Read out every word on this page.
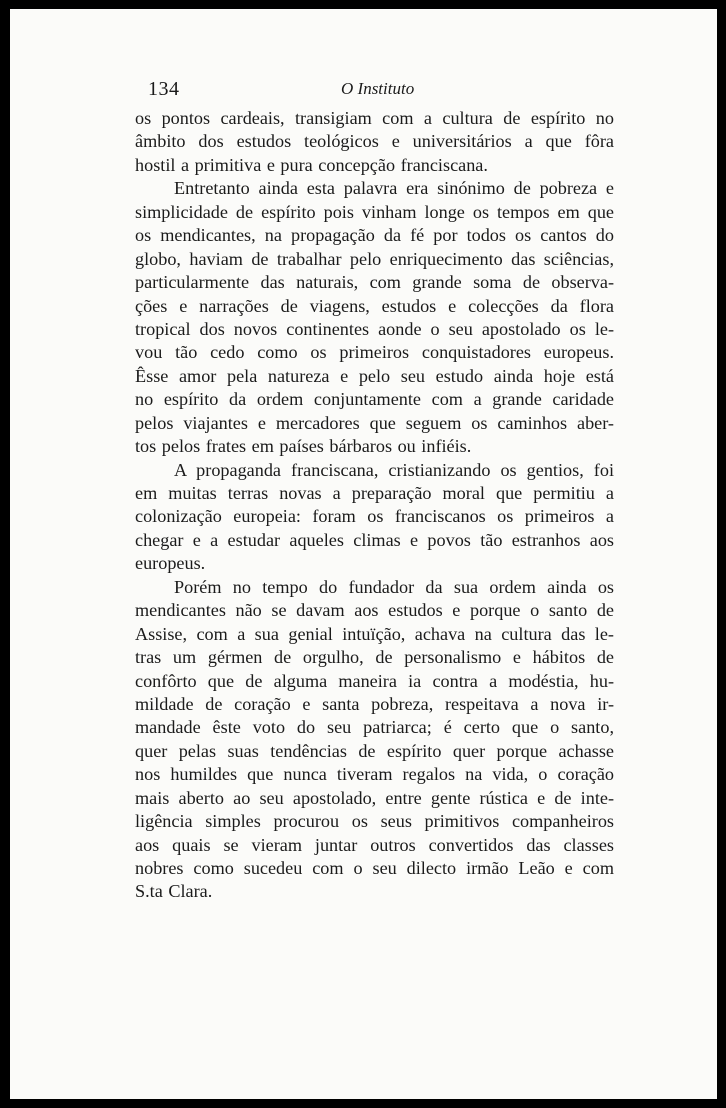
134	O Instituto
os pontos cardeais, transigiam com a cultura de espírito no
âmbito dos estudos teológicos e universitários a que fôra
hostil a primitiva e pura concepção franciscana.
Entretanto ainda esta palavra era sinónimo de pobreza e
simplicidade de espírito pois vinham longe os tempos em que
os mendicantes, na propagação da fé por todos os cantos do
globo, haviam de trabalhar pelo enriquecimento das sciências,
particularmente das naturais, com grande soma de observa-
ções e narrações de viagens, estudos e colecções da flora
tropical dos novos continentes aonde o seu apostolado os le-
vou tão cedo como os primeiros conquistadores europeus.
Êsse amor pela natureza e pelo seu estudo ainda hoje está
no espírito da ordem conjuntamente com a grande caridade
pelos viajantes e mercadores que seguem os caminhos aber-
tos pelos frates em países bárbaros ou infiéis.
A propaganda franciscana, cristianizando os gentios, foi
em muitas terras novas a preparação moral que permitiu a
colonização europeia: foram os franciscanos os primeiros a
chegar e a estudar aqueles climas e povos tão estranhos aos
europeus.
Porém no tempo do fundador da sua ordem ainda os
mendicantes não se davam aos estudos e porque o santo de
Assise, com a sua genial intuïção, achava na cultura das le-
tras um gérmen de orgulho, de personalismo e hábitos de
confôrto que de alguma maneira ia contra a modéstia, hu-
mildade de coração e santa pobreza, respeitava a nova ir-
mandade êste voto do seu patriarca; é certo que o santo,
quer pelas suas tendências de espírito quer porque achasse
nos humildes que nunca tiveram regalos na vida, o coração
mais aberto ao seu apostolado, entre gente rústica e de inte-
ligência simples procurou os seus primitivos companheiros
aos quais se vieram juntar outros convertidos das classes
nobres como sucedeu com o seu dilecto irmão Leão e com
S.ta Clara.
